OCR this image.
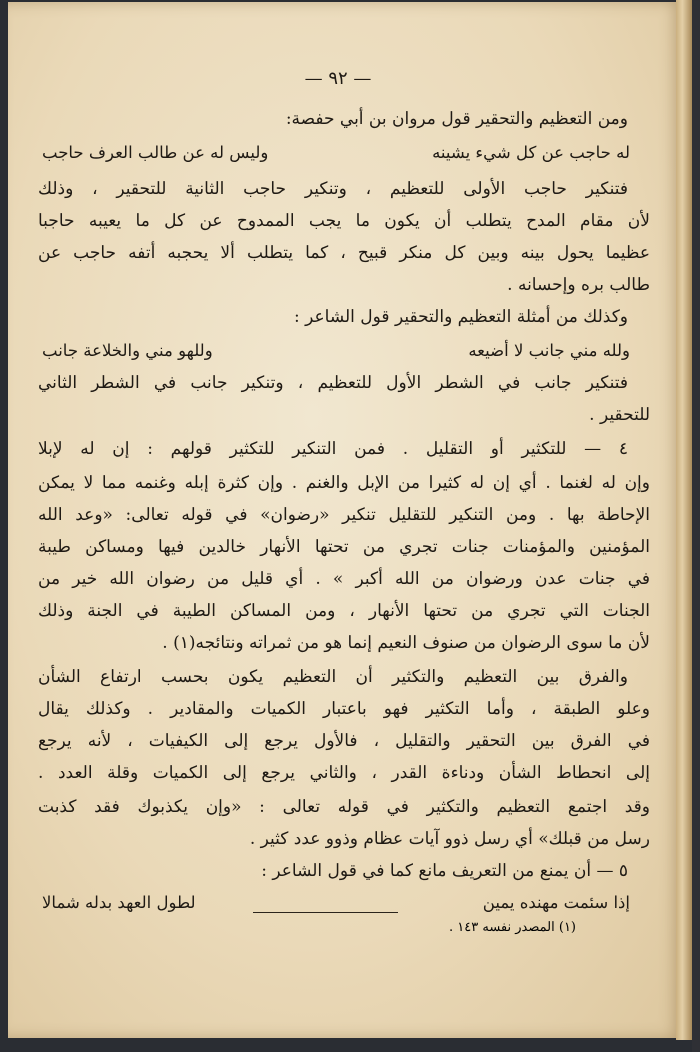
— ٩٢ —
ومن التعظيم والتحقير قول مروان بن أبي حفصة:
له حاجب عن كل شيء يشينه
وليس له عن طالب العرف حاجب
فتنكير حاجب الأولى للتعظيم ، وتنكير حاجب الثانية للتحقير ، وذلك
لأن مقام المدح يتطلب أن يكون ما يجب الممدوح عن كل ما يعيبه حاجبا
عظيما يحول بينه وبين كل منكر قبيح ، كما يتطلب ألا يحجبه أتفه حاجب عن
طالب بره وإحسانه .
وكذلك من أمثلة التعظيم والتحقير قول الشاعر :
ولله مني جانب لا أضيعه
وللهو مني والخلاعة جانب
فتنكير جانب في الشطر الأول للتعظيم ، وتنكير جانب في الشطر الثاني
للتحقير .
٤ — للتكثير أو التقليل . فمن التنكير للتكثير قولهم : إن له لإبلا
وإن له لغنما . أي إن له كثيرا من الإبل والغنم . وإن كثرة إبله وغنمه مما لا يمكن
الإحاطة بها . ومن التنكير للتقليل تنكير «رضوان» في قوله تعالى: «وعد الله
المؤمنين والمؤمنات جنات تجري من تحتها الأنهار خالدين فيها ومساكن طيبة
في جنات عدن ورضوان من الله أكبر » . أي قليل من رضوان الله خير من
الجنات التي تجري من تحتها الأنهار ، ومن المساكن الطيبة في الجنة وذلك
لأن ما سوى الرضوان من صنوف النعيم إنما هو من ثمراته ونتائجه(١) .
والفرق بين التعظيم والتكثير أن التعظيم يكون بحسب ارتفاع الشأن
وعلو الطبقة ، وأما التكثير فهو باعتبار الكميات والمقادير . وكذلك يقال
في الفرق بين التحقير والتقليل ، فالأول يرجع إلى الكيفيات ، لأنه يرجع
إلى انحطاط الشأن ودناءة القدر ، والثاني يرجع إلى الكميات وقلة العدد .
وقد اجتمع التعظيم والتكثير في قوله تعالى : «وإن يكذبوك فقد كذبت
رسل من قبلك» أي رسل ذوو آيات عظام وذوو عدد كثير .
٥ — أن يمنع من التعريف مانع كما في قول الشاعر :
إذا سئمت مهنده يمين
لطول العهد بدله شمالا
(١) المصدر نفسه ١٤٣ .
